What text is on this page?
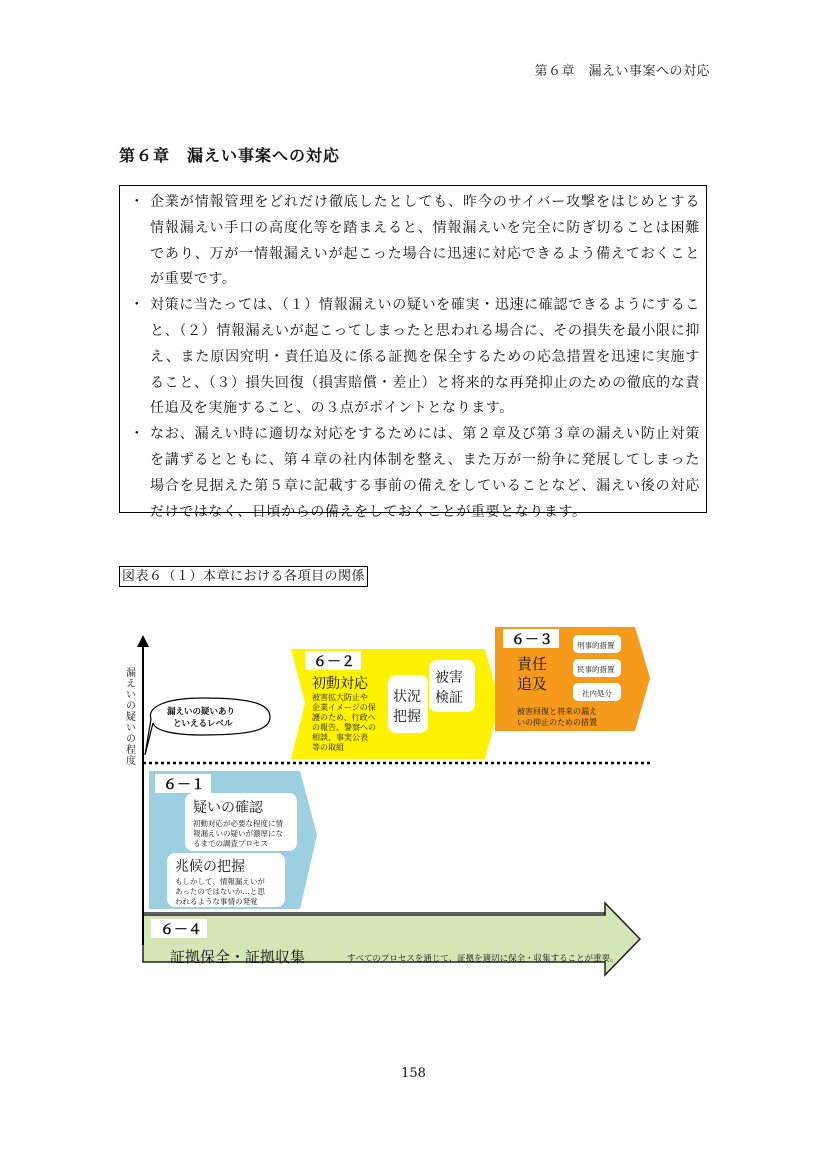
第６章　漏えい事案への対応
第６章　漏えい事案への対応
・ 企業が情報管理をどれだけ徹底したとしても、昨今のサイバー攻撃をはじめとする情報漏えい手口の高度化等を踏まえると、情報漏えいを完全に防ぎ切ることは困難であり、万が一情報漏えいが起こった場合に迅速に対応できるよう備えておくことが重要です。
・ 対策に当たっては、（１）情報漏えいの疑いを確実・迅速に確認できるようにすること、（２）情報漏えいが起こってしまったと思われる場合に、その損失を最小限に抑え、また原因究明・責任追及に係る証拠を保全するための応急措置を迅速に実施すること、（３）損失回復（損害賠償・差止）と将来的な再発抑止のための徹底的な責任追及を実施すること、の３点がポイントとなります。
・ なお、漏えい時に適切な対応をするためには、第２章及び第３章の漏えい防止対策を講ずるとともに、第４章の社内体制を整え、また万が一紛争に発展してしまった場合を見据えた第５章に記載する事前の備えをしていることなど、漏えい後の対応だけではなく、日頃からの備えをしておくことが重要となります。
図表６（１）本章における各項目の関係
６－４
証拠保全・証拠収集	すべてのプロセスを通じて、証拠を適切に保全・収集することが重要。
６－１
疑いの確認
初動対応が必要な程度に情
報漏えいの疑いが濃厚にな
るまでの調査プロセス
兆候の把握
もしかして、情報漏えいが
あったのではないか…と思
われるような事情の発覚
６－２
初動対応
被害拡大防止や
企業イメージの保
護のため、行政へ
の報告、警察への
相談、事実公表
等の取組
状況
把握
被害
検証
６－３
責任
追及
刑事的措置
民事的措置
社内処分
被害回復と将来の漏え
いの抑止のための措置
漏えいの疑いあり
といえるレベル
漏えいの疑いの程度
158
